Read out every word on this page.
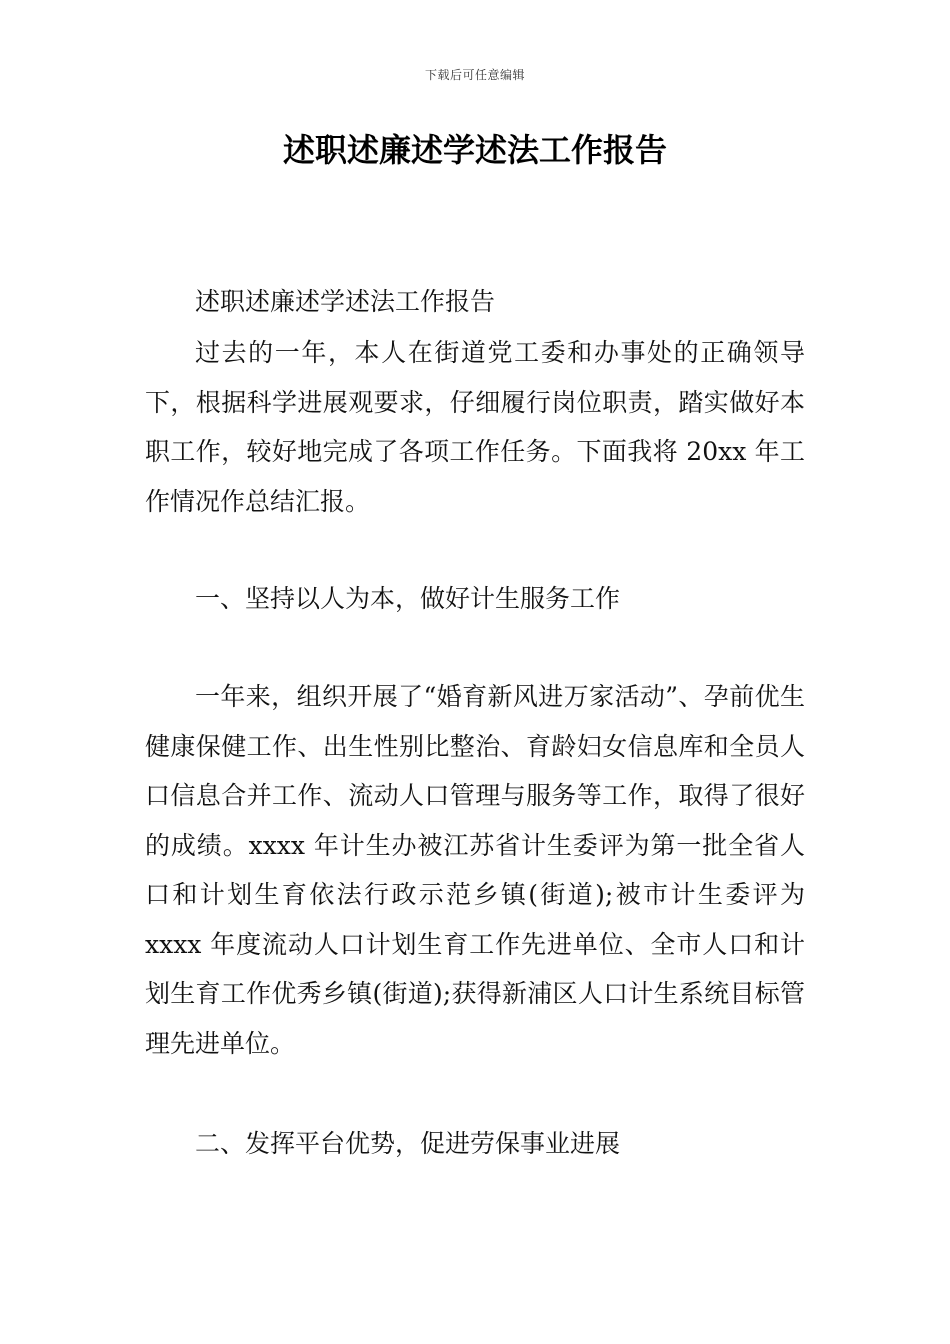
下载后可任意编辑
述职述廉述学述法工作报告

述职述廉述学述法工作报告

过去的一年，本人在街道党工委和办事处的正确领导下，根据科学进展观要求，仔细履行岗位职责，踏实做好本职工作，较好地完成了各项工作任务。下面我将 20xx 年工作情况作总结汇报。

一、坚持以人为本，做好计生服务工作

一年来，组织开展了“婚育新风进万家活动”、孕前优生健康保健工作、出生性别比整治、育龄妇女信息库和全员人口信息合并工作、流动人口管理与服务等工作，取得了很好的成绩。xxxx 年计生办被江苏省计生委评为第一批全省人口和计划生育依法行政示范乡镇(街道);被市计生委评为 xxxx 年度流动人口计划生育工作先进单位、全市人口和计划生育工作优秀乡镇(街道);获得新浦区人口计生系统目标管理先进单位。

二、发挥平台优势，促进劳保事业进展
